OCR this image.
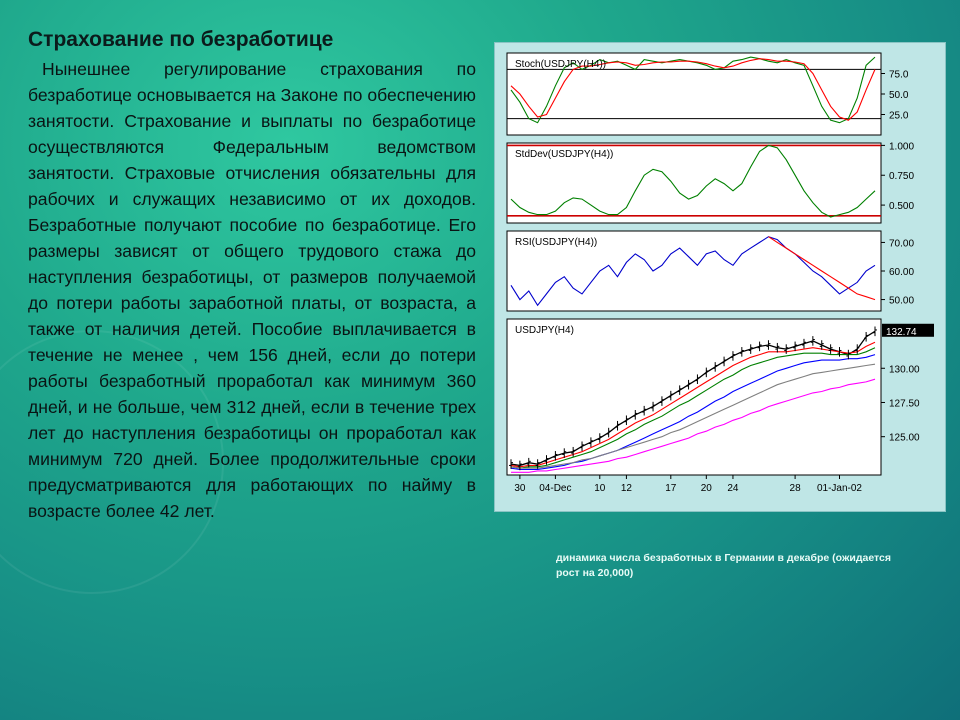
Страхование по безработице

Нынешнее регулирование страхования по безработице основывается на Законе по обеспечению занятости. Страхование и выплаты по безработице осуществляются Федеральным ведомством занятости. Страховые отчисления обязательны для рабочих и служащих независимо от их доходов. Безработные получают пособие по безработице. Его размеры зависят от общего трудового стажа до наступления безработицы, от размеров получаемой до потери работы заработной платы, от возраста, а также от наличия детей. Пособие выплачивается в течение не менее , чем 156 дней, если до потери работы безработный проработал как минимум 360 дней, и не больше, чем 312 дней, если в течение трех лет до наступления безработицы он проработал как минимум 720 дней. Более продолжительные сроки предусматриваются для работающих по найму в возрасте более 42 лет.

75.0
50.0
25.0
Stoch(USDJPY(H4))
1.000
0.750
0.500
StdDev(USDJPY(H4))
70.00
60.00
50.00
RSI(USDJPY(H4))
130.00
127.50
125.00
132.74
30 04-Dec 10 12	17 20 24	28 01-Jan-02
USDJPY(H4)

динамика числа безработных в Германии в декабре (ожидается рост на 20,000)
